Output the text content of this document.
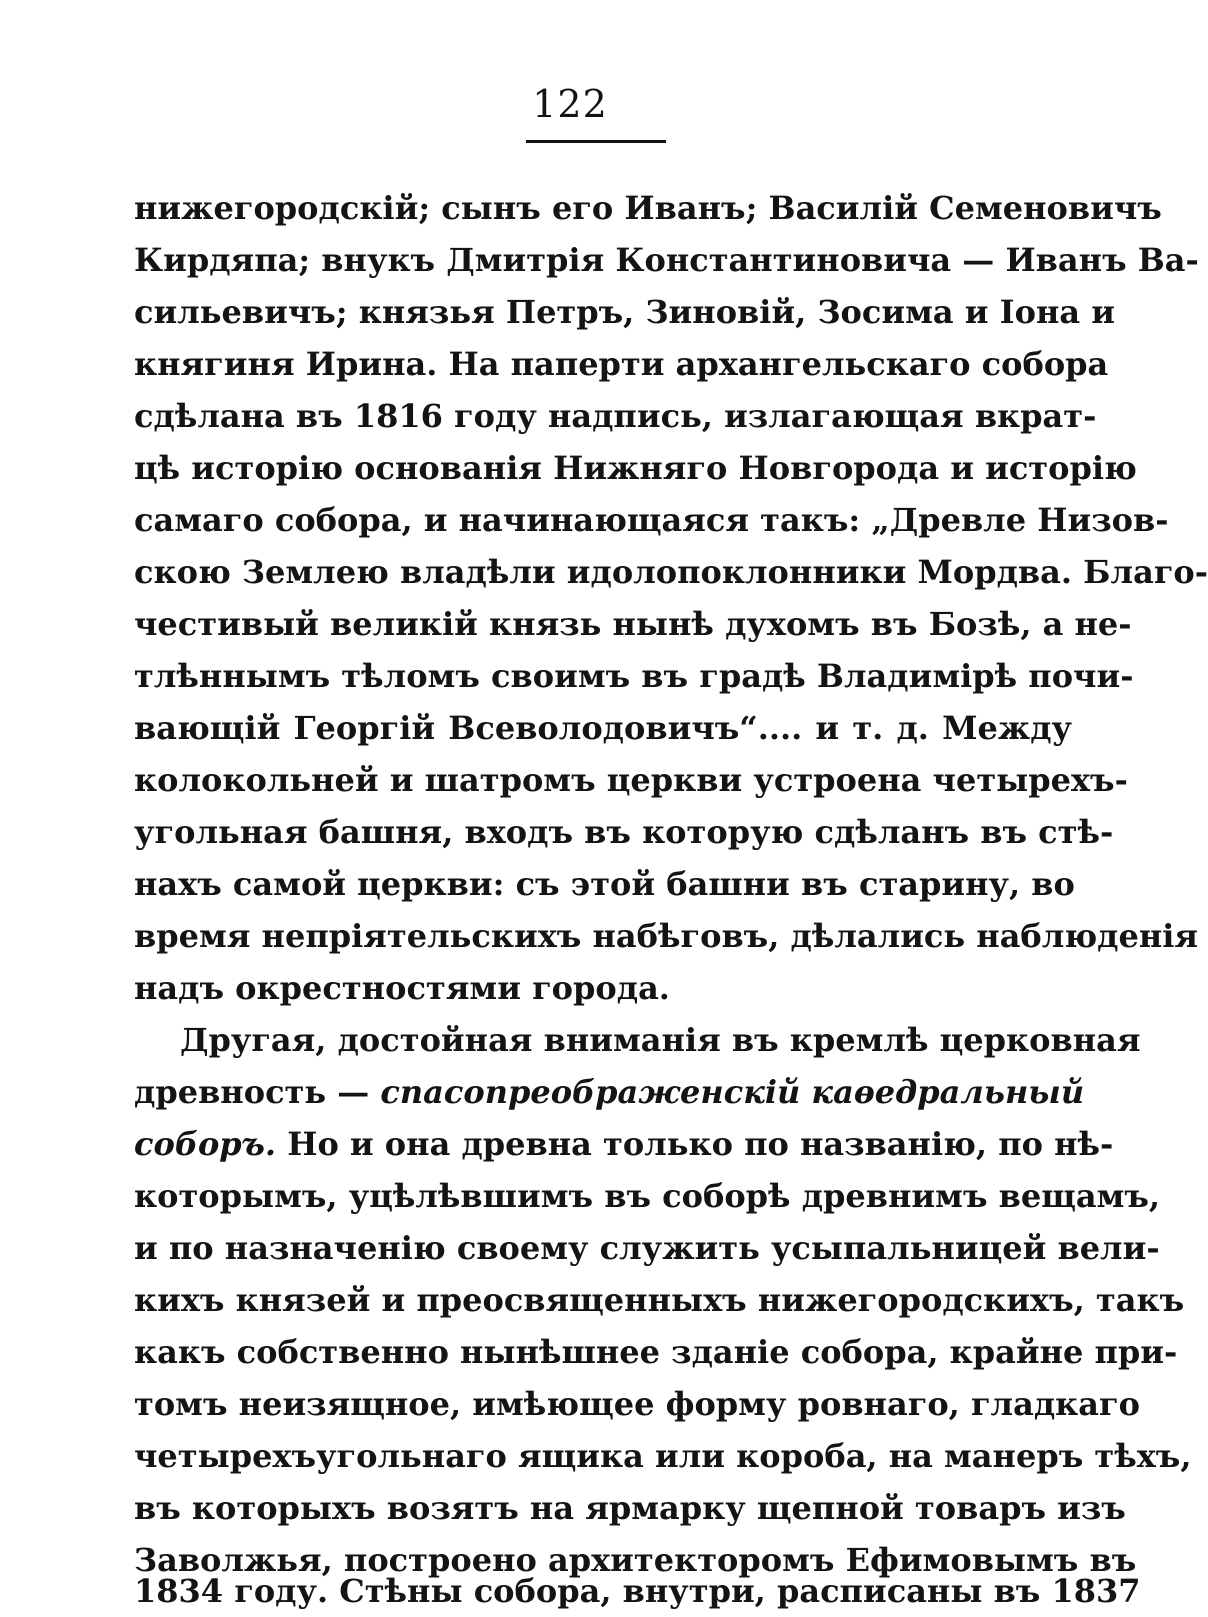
122
нижегородскій; сынъ его Иванъ; Василій Семеновичъ
Кирдяпа; внукъ Дмитрія Константиновича — Иванъ Ва-
сильевичъ; князья Петръ, Зиновій, Зосима и Іона и
княгиня Ирина. На паперти архангельскаго собора
сдѣлана въ 1816 году надпись, излагающая вкрат-
цѣ исторію основанія Нижняго Новгорода и исторію
самаго собора, и начинающаяся такъ: „Древле Низов-
скою Землею владѣли идолопоклонники Мордва. Благо-
честивый великій князь нынѣ духомъ въ Бозѣ, а не-
тлѣннымъ тѣломъ своимъ въ градѣ Владимірѣ почи-
вающій Георгій Всеволодовичъ“.... и т. д. Между
колокольней и шатромъ церкви устроена четырехъ-
угольная башня, входъ въ которую сдѣланъ въ стѣ-
нахъ самой церкви: съ этой башни въ старину, во
время непріятельскихъ набѣговъ, дѣлались наблюденія
надъ окрестностями города.
Другая, достойная вниманія въ кремлѣ церковная
древность — спасопреображенскій каѳедральный
соборъ. Но и она древна только по названію, по нѣ-
которымъ, уцѣлѣвшимъ въ соборѣ древнимъ вещамъ,
и по назначенію своему служить усыпальницей вели-
кихъ князей и преосвященныхъ нижегородскихъ, такъ
какъ собственно нынѣшнее зданіе собора, крайне при-
томъ неизящное, имѣющее форму ровнаго, гладкаго
четырехъугольнаго ящика или короба, на манеръ тѣхъ,
въ которыхъ возятъ на ярмарку щепной товаръ изъ
Заволжья, построено архитекторомъ Ефимовымъ въ
1834 году. Стѣны собора, внутри, расписаны въ 1837
